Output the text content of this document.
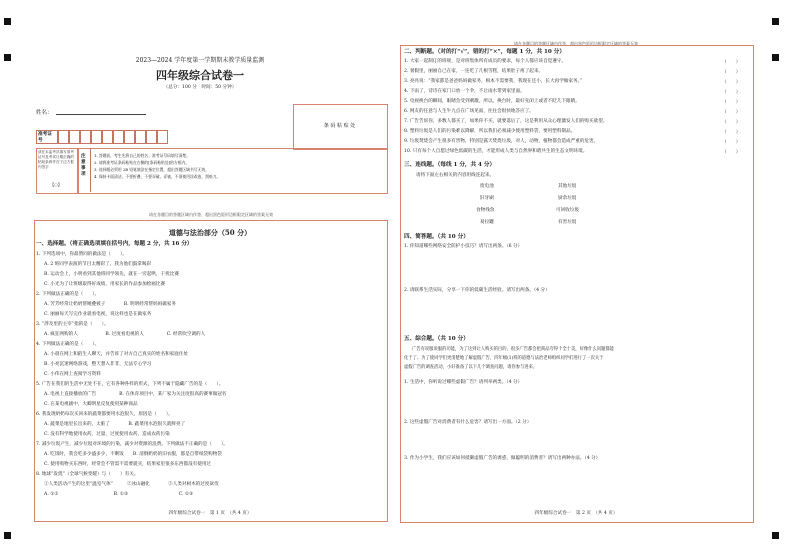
2023—2024 学年度第一学期期末教学质量监测
四年级综合试卷一
（总分：100 分　时间：50 分钟）
姓名：
准考证号
条 码 粘 贴 处
请在本监考员填写准考证号及考试日期正确的粘贴条码并在下边方框内签字
【○】
注意事项
1. 答题前，考生先将自己的姓名、准考证号码填写清楚。
2. 请将准考证条码粘贴在右侧的[条码粘贴处]的方框内。
3. 选择题必须用 2B 铅笔填涂在指定位置，超出答题区域书写无效。
4. 保持卡面清洁，不要折叠，不要弄破，弄皱，不准使用涂改液、刮纸刀。
请在各题目的答题区域内作答，超出黑色矩形边框限定区域的答案无效
道德与法治部分（50 分）
一、选择题。（将正确选项填在括号内，每题 2 分，共 16 分）
1. 下列选项中，你最赞同的做法是（　　）。
A. 2 班同学表演的节目太精彩了，我为他们鼓掌喝彩
B. 运动会上，小明看到其他班同学领先，就在一旁起哄，干扰比赛
C. 小光为了让班级取得好成绩，用家长的作品参加绘画比赛
2. 下列做法正确的是（　　）。
A. 芳芳经常让奶奶帮她叠被子　　　　B. 明明经常帮妈妈做家务
C. 丽丽每天写完作业就看电视，说这样也是在做家务
3. “涉及里的主宰”指的是（　　）。
A. 疯狂网购的人　　　　　　B. 过度看电视的人　　　　　C. 经常吹空调的人
4. 下列做法正确的是（　　）。
A. 小晨在网上和陌生人聊天，并告诉了对方自己真实的姓名和家庭住址
B. 小亮沉迷网络游戏，整天想入非非，无法专心学习
C. 小伟在网上查阅学习资料
5. 广告在我们的生活中无处不在，它有各种各样的形式，下列不属于隐藏广告的是（　　）。
A. 电视上直接播放的广告　　　　　B. 在体育项目中，某厂家为关注度很高的赛事做冠名
C. 在某电视剧中，大卿明星反复使用某种商品
6. 我发现奶奶每次买回来的蔬菜都要用水泡很久，原因是（　　）。
A. 蔬菜是地里长出来的，太脏了　　　　B. 蔬菜用水泡很久就鲜亮了
C. 没有科学地使用农药，过量，过度使用农药，造成农药污染
7. 减少垃圾产生，减少垃圾对环境的污染，减少对资源的浪费。下列做法不正确的是（　　）。
A. 吃饭时，我会吃多少盛多少，不剩饭　　B. 清倒奶奶的旧衣服，都是自带纸袋购物袋
C. 使用购物买东西时，经常会不管需不需要就买，结果家里很多东西都没有使用过
8. 地球“发烧”（全球气候变暖）与（　　）有关。
①人类活动产生的这里“温室气体”　　　②冰山融化　　　　③人类对树木的过度砍伐
A. ①②　　　　　　　　　　　　B. ①③　　　　　　　　　　　C. ②③
四年级综合试卷一　第 1 页　（共 4 页）
请在各题目的答题区域内作答，超出黑色矩形边框限定区域的答案无效
二、判断题。（对的打“√”，错的打“×”，每题 1 分，共 10 分）
1. 大家一起制订的班规，是对班集体所有成员的要求，每个人都应该自觉遵守。
2. 暑假里，丽丽自己在家，一连吃了几根雪糕，结果肚子疼了起来。
3. 亮亮说：“我家都是爸爸妈妈做家务，根本不需要我，我现在还小，长大再学做家务。”
4. 下雨了，诗诗在家门口放一个伞，不让雨水带到家里面。
5. 电视换台的瞬间，眼睛会受到刺激。所以，换台时，最好先闭上或者不眨几下眼睛。
6. 网友的任意与人生牛九点在广场见面，往往会很快地答应了。
7. 广告告诉你，多数人都买了，如果你不买，就要落后了，这是利用从众心理激发人们的购买欲望。
8. 塑料垃圾是人们的污染难以降解，所以我们必须减少使用塑料袋，要用塑料制品。
9. 垃圾焚烧会产生很多有害物，特别是露天焚烧垃圾，对人，动物，植物都会造成严重的危害。
10. 只有每个人自愿过绿色低碳的生活，才能形成人类与自然界和谐共生的生态文明环境。
（　　）
（　　）
（　　）
（　　）
（　　）
（　　）
（　　）
（　　）
（　　）
（　　）
三、连线题。（每线 1 分，共 4 分）
请将下面左右相关的内容用线连起来。
废电池
旧牙刷
食物残余
易拉罐
其他垃圾
厨余垃圾
可回收垃圾
有害垃圾
四、简答题。（共 10 分）
1. 你知道哪些网络安全防护小技巧？请写出两条。（6 分）
2. 请联系生活实际，分享一下你的低碳生活经验。请写出两条。（4 分）
五、综合题。（共 10 分）
广告有说服说服的功能，为了达到让人购买的目的，很多广告都会把商品夸得十全十美，好像什么问题都能
化于了。为了使同学们更清楚地了解虚假广告，四年级(1)班的道德与法治老师组织同学们进行了一次关于
虚假广告的调查活动，小轩准备了以下几个调查问题，请你参与进来。
1. 生活中，你听说过哪些虚假广告？请列举两类。（4 分）
2. 这些虚假广告对消费者有什么危害？请写出一方面。（2 分）
3. 作为小学生，我们应该如何抵御虚假广告的诱惑，做聪明的消费者？请写出两种办法。（4 分）
四年级综合试卷一　第 2 页　（共 4 页）
